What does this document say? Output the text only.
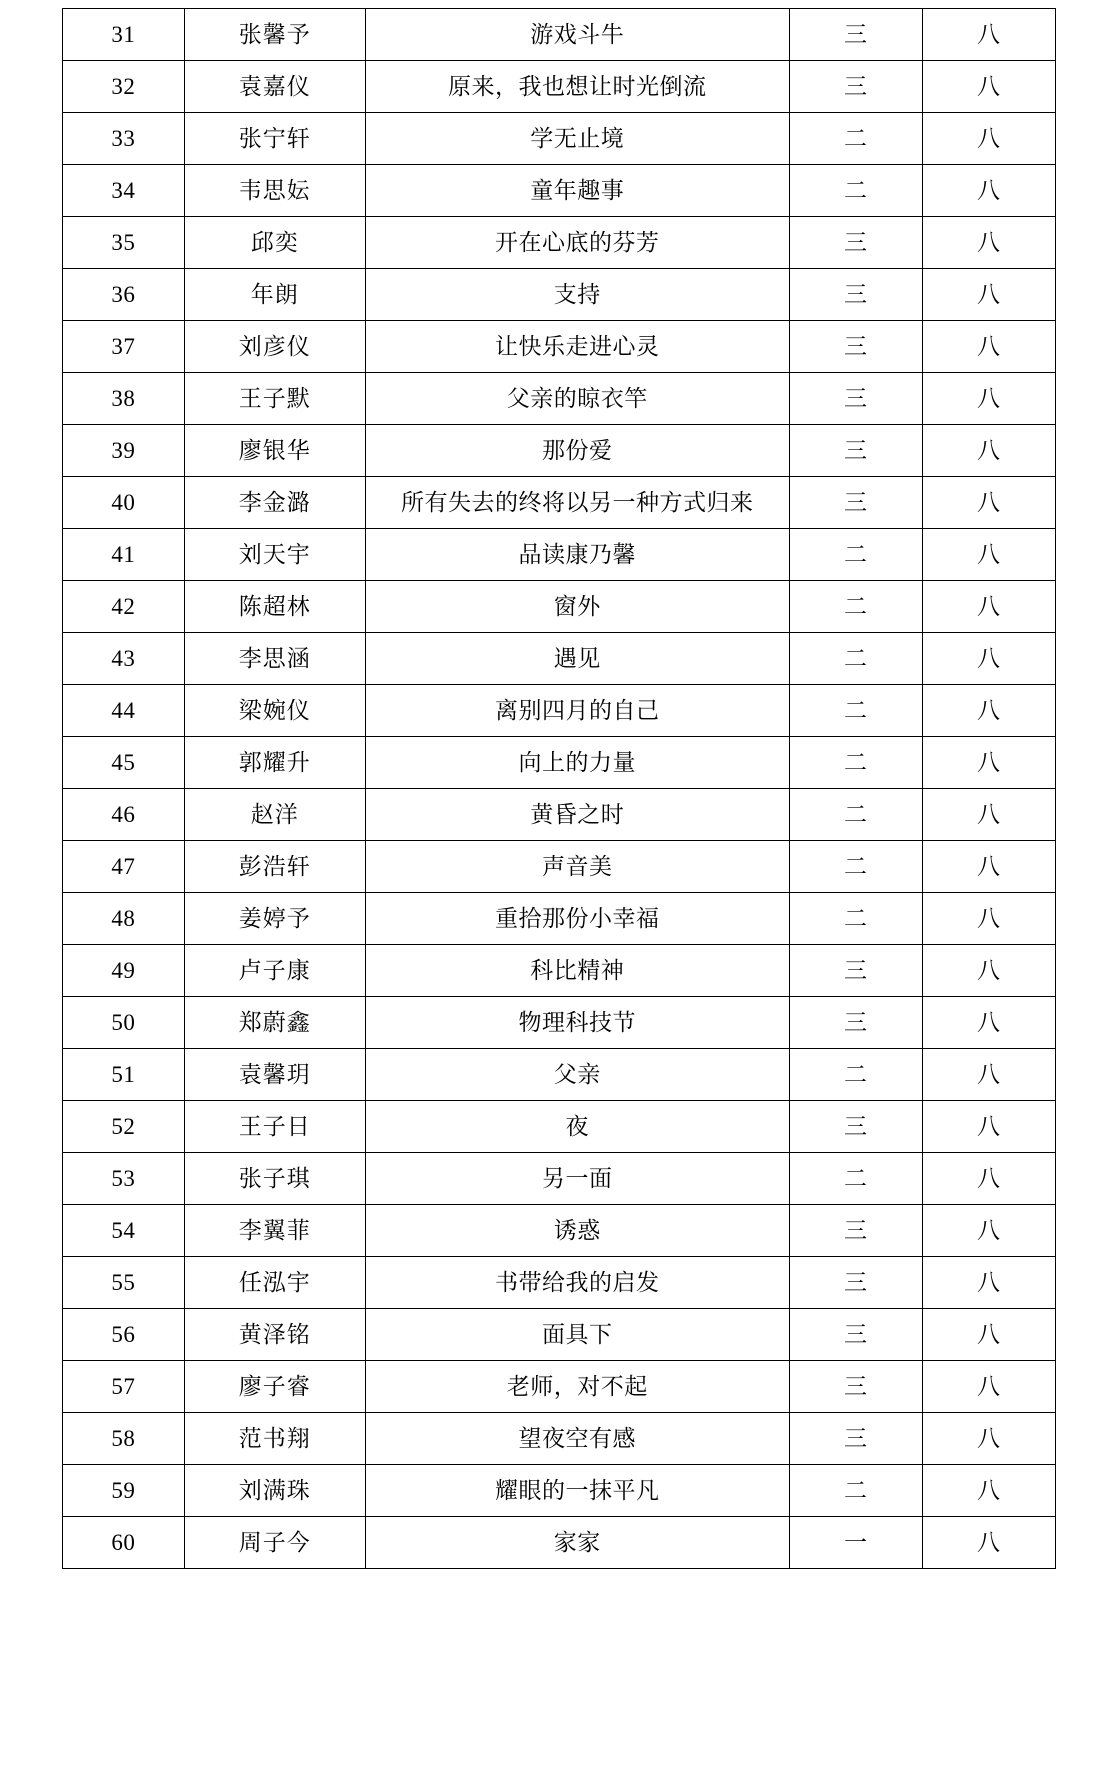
31	张馨予	游戏斗牛	三	八
32	袁嘉仪	原来，我也想让时光倒流	三	八
33	张宁轩	学无止境	二	八
34	韦思妘	童年趣事	二	八
35	邱奕	开在心底的芬芳	三	八
36	年朗	支持	三	八
37	刘彦仪	让快乐走进心灵	三	八
38	王子默	父亲的晾衣竿	三	八
39	廖银华	那份爱	三	八
40	李金潞	所有失去的终将以另一种方式归来	三	八
41	刘天宇	品读康乃馨	二	八
42	陈超林	窗外	二	八
43	李思涵	遇见	二	八
44	梁婉仪	离别四月的自己	二	八
45	郭耀升	向上的力量	二	八
46	赵洋	黄昏之时	二	八
47	彭浩轩	声音美	二	八
48	姜婷予	重拾那份小幸福	二	八
49	卢子康	科比精神	三	八
50	郑蔚鑫	物理科技节	三	八
51	袁馨玥	父亲	二	八
52	王子日	夜	三	八
53	张子琪	另一面	二	八
54	李翼菲	诱惑	三	八
55	任泓宇	书带给我的启发	三	八
56	黄泽铭	面具下	三	八
57	廖子睿	老师，对不起	三	八
58	范书翔	望夜空有感	三	八
59	刘满珠	耀眼的一抹平凡	二	八
60	周子今	家家	一	八
